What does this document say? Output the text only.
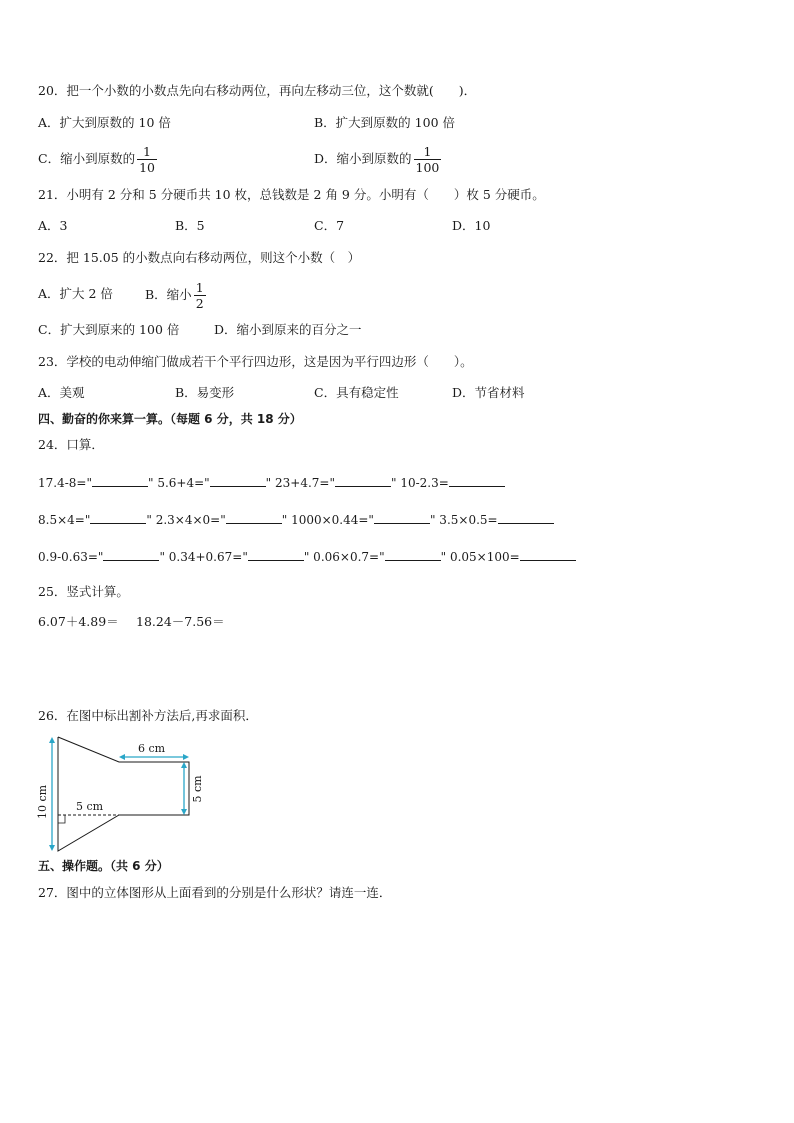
20．把一个小数的小数点先向右移动两位，再向左移动三位，这个数就(　　)．
A．扩大到原数的 10 倍	B．扩大到原数的 100 倍
C．缩小到原数的 $\frac{1}{10}$	D．缩小到原数的 $\frac{1}{100}$
21．小明有 2 分和 5 分硬币共 10 枚，总钱数是 2 角 9 分。小明有（　　）枚 5 分硬币。
A．3	B．5	C．7	D．10
22．把 15.05 的小数点向右移动两位，则这个小数（　）
A．扩大 2 倍	B．缩小 $\frac{1}{2}$
C．扩大到原来的 100 倍	D．缩小到原来的百分之一
23．学校的电动伸缩门做成若干个平行四边形，这是因为平行四边形（　　）。
A．美观	B．易变形	C．具有稳定性	D．节省材料
四、勤奋的你来算一算。（每题 6 分，共 18 分）
24．口算．
17.4-8="	" 5.6+4="	" 23+4.7="	" 10-2.3=
8.5×4="	" 2.3×4×0="	" 1000×0.44="	" 3.5×0.5=
0.9-0.63="	" 0.34+0.67="	" 0.06×0.7="	" 0.05×100=
25．竖式计算。
6.07＋4.89＝ 18.24－7.56＝
26．在图中标出割补方法后,再求面积．
6 cm
5 cm
10 cm	5 cm
五、操作题。（共 6 分）
27．图中的立体图形从上面看到的分别是什么形状？请连一连．
